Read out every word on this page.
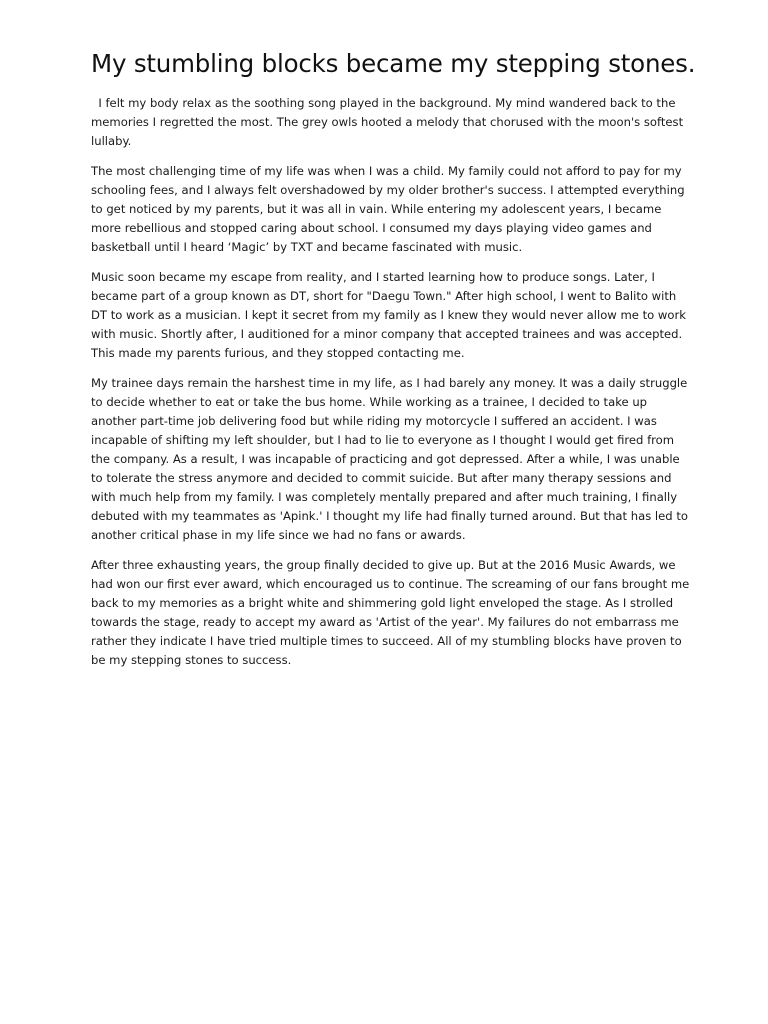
My stumbling blocks became my stepping stones.

I felt my body relax as the soothing song played in the background. My mind wandered back to the memories I regretted the most. The grey owls hooted a melody that chorused with the moon's softest lullaby.

The most challenging time of my life was when I was a child. My family could not afford to pay for my schooling fees, and I always felt overshadowed by my older brother's success. I attempted everything to get noticed by my parents, but it was all in vain. While entering my adolescent years, I became more rebellious and stopped caring about school. I consumed my days playing video games and basketball until I heard ‘Magic’ by TXT and became fascinated with music.

Music soon became my escape from reality, and I started learning how to produce songs. Later, I became part of a group known as DT, short for "Daegu Town." After high school, I went to Balito with DT to work as a musician. I kept it secret from my family as I knew they would never allow me to work with music. Shortly after, I auditioned for a minor company that accepted trainees and was accepted. This made my parents furious, and they stopped contacting me.

My trainee days remain the harshest time in my life, as I had barely any money. It was a daily struggle to decide whether to eat or take the bus home. While working as a trainee, I decided to take up another part-time job delivering food but while riding my motorcycle I suffered an accident. I was incapable of shifting my left shoulder, but I had to lie to everyone as I thought I would get fired from the company. As a result, I was incapable of practicing and got depressed. After a while, I was unable to tolerate the stress anymore and decided to commit suicide. But after many therapy sessions and with much help from my family. I was completely mentally prepared and after much training, I finally debuted with my teammates as 'Apink.' I thought my life had finally turned around. But that has led to another critical phase in my life since we had no fans or awards.

After three exhausting years, the group finally decided to give up. But at the 2016 Music Awards, we had won our first ever award, which encouraged us to continue. The screaming of our fans brought me back to my memories as a bright white and shimmering gold light enveloped the stage. As I strolled towards the stage, ready to accept my award as 'Artist of the year'. My failures do not embarrass me rather they indicate I have tried multiple times to succeed. All of my stumbling blocks have proven to be my stepping stones to success.
